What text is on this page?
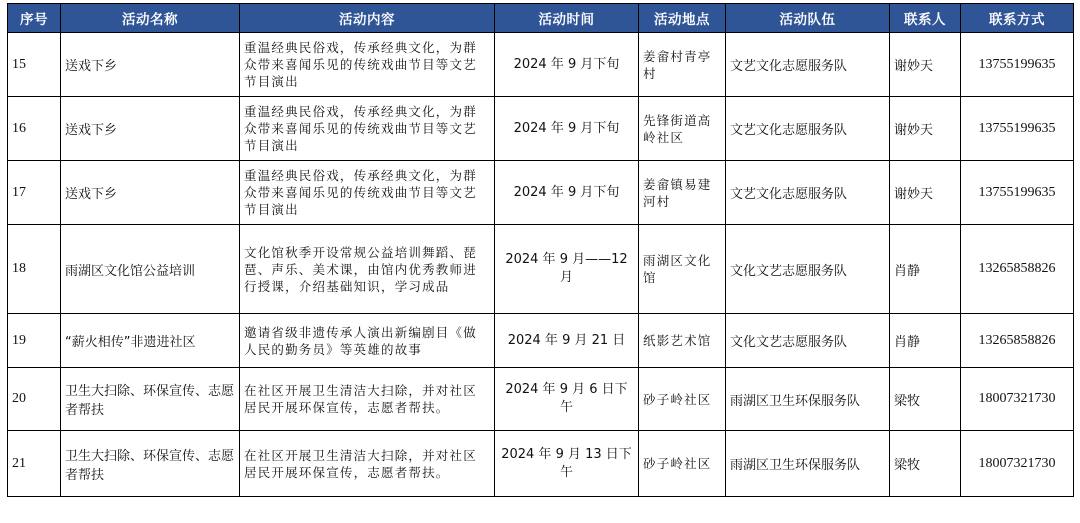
序号	活动名称	活动内容	活动时间	活动地点	活动队伍	联系人	联系方式
15	送戏下乡	重温经典民俗戏，传承经典文化，为群众带来喜闻乐见的传统戏曲节目等文艺节目演出	2024 年 9 月下旬	姜畲村青亭村	文艺文化志愿服务队	谢妙天	13755199635
16	送戏下乡	重温经典民俗戏，传承经典文化，为群众带来喜闻乐见的传统戏曲节目等文艺节目演出	2024 年 9 月下旬	先锋街道高岭社区	文艺文化志愿服务队	谢妙天	13755199635
17	送戏下乡	重温经典民俗戏，传承经典文化，为群众带来喜闻乐见的传统戏曲节目等文艺节目演出	2024 年 9 月下旬	姜畲镇易建河村	文艺文化志愿服务队	谢妙天	13755199635
18	雨湖区文化馆公益培训	文化馆秋季开设常规公益培训舞蹈、琵琶、声乐、美术课，由馆内优秀教师进行授课，介绍基础知识，学习成品	2024 年 9 月——12 月	雨湖区文化馆	文化文艺志愿服务队	肖静	13265858826
19	“薪火相传”非遗进社区	邀请省级非遗传承人演出新编剧目《做人民的勤务员》等英雄的故事	2024 年 9 月 21 日	纸影艺术馆	文化文艺志愿服务队	肖静	13265858826
20	卫生大扫除、环保宣传、志愿者帮扶	在社区开展卫生清洁大扫除，并对社区居民开展环保宣传，志愿者帮扶。	2024 年 9 月 6 日下午	砂子岭社区	雨湖区卫生环保服务队	梁牧	18007321730
21	卫生大扫除、环保宣传、志愿者帮扶	在社区开展卫生清洁大扫除，并对社区居民开展环保宣传，志愿者帮扶。	2024 年 9 月 13 日下午	砂子岭社区	雨湖区卫生环保服务队	梁牧	18007321730
